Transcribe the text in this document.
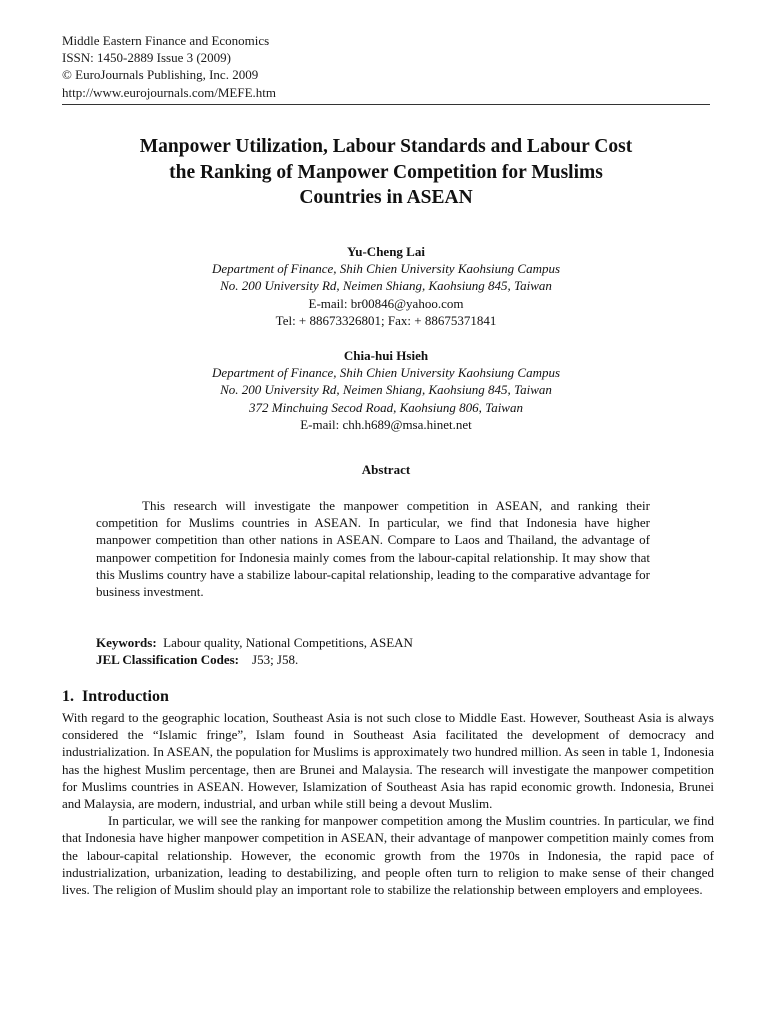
Middle Eastern Finance and Economics
ISSN: 1450-2889 Issue 3 (2009)
© EuroJournals Publishing, Inc. 2009
http://www.eurojournals.com/MEFE.htm
Manpower Utilization, Labour Standards and Labour Cost
the Ranking of Manpower Competition for Muslims
Countries in ASEAN
Yu-Cheng Lai
Department of Finance, Shih Chien University Kaohsiung Campus
No. 200 University Rd, Neimen Shiang, Kaohsiung 845, Taiwan
E-mail: br00846@yahoo.com
Tel: + 88673326801; Fax: + 88675371841
Chia-hui Hsieh
Department of Finance, Shih Chien University Kaohsiung Campus
No. 200 University Rd, Neimen Shiang, Kaohsiung 845, Taiwan
372 Minchuing Secod Road, Kaohsiung 806, Taiwan
E-mail: chh.h689@msa.hinet.net
Abstract

This research will investigate the manpower competition in ASEAN, and ranking their competition for Muslims countries in ASEAN. In particular, we find that Indonesia have higher manpower competition than other nations in ASEAN. Compare to Laos and Thailand, the advantage of manpower competition for Indonesia mainly comes from the labour-capital relationship. It may show that this Muslims country have a stabilize labour-capital relationship, leading to the comparative advantage for business investment.

Keywords: Labour quality, National Competitions, ASEAN
JEL Classification Codes: J53; J58.
1. Introduction

With regard to the geographic location, Southeast Asia is not such close to Middle East. However, Southeast Asia is always considered the “Islamic fringe”, Islam found in Southeast Asia facilitated the development of democracy and industrialization. In ASEAN, the population for Muslims is approximately two hundred million. As seen in table 1, Indonesia has the highest Muslim percentage, then are Brunei and Malaysia. The research will investigate the manpower competition for Muslims countries in ASEAN. However, Islamization of Southeast Asia has rapid economic growth. Indonesia, Brunei and Malaysia, are modern, industrial, and urban while still being a devout Muslim.

In particular, we will see the ranking for manpower competition among the Muslim countries. In particular, we find that Indonesia have higher manpower competition in ASEAN, their advantage of manpower competition mainly comes from the labour-capital relationship. However, the economic growth from the 1970s in Indonesia, the rapid pace of industrialization, urbanization, leading to destabilizing, and people often turn to religion to make sense of their changed lives. The religion of Muslim should play an important role to stabilize the relationship between employers and employees.
